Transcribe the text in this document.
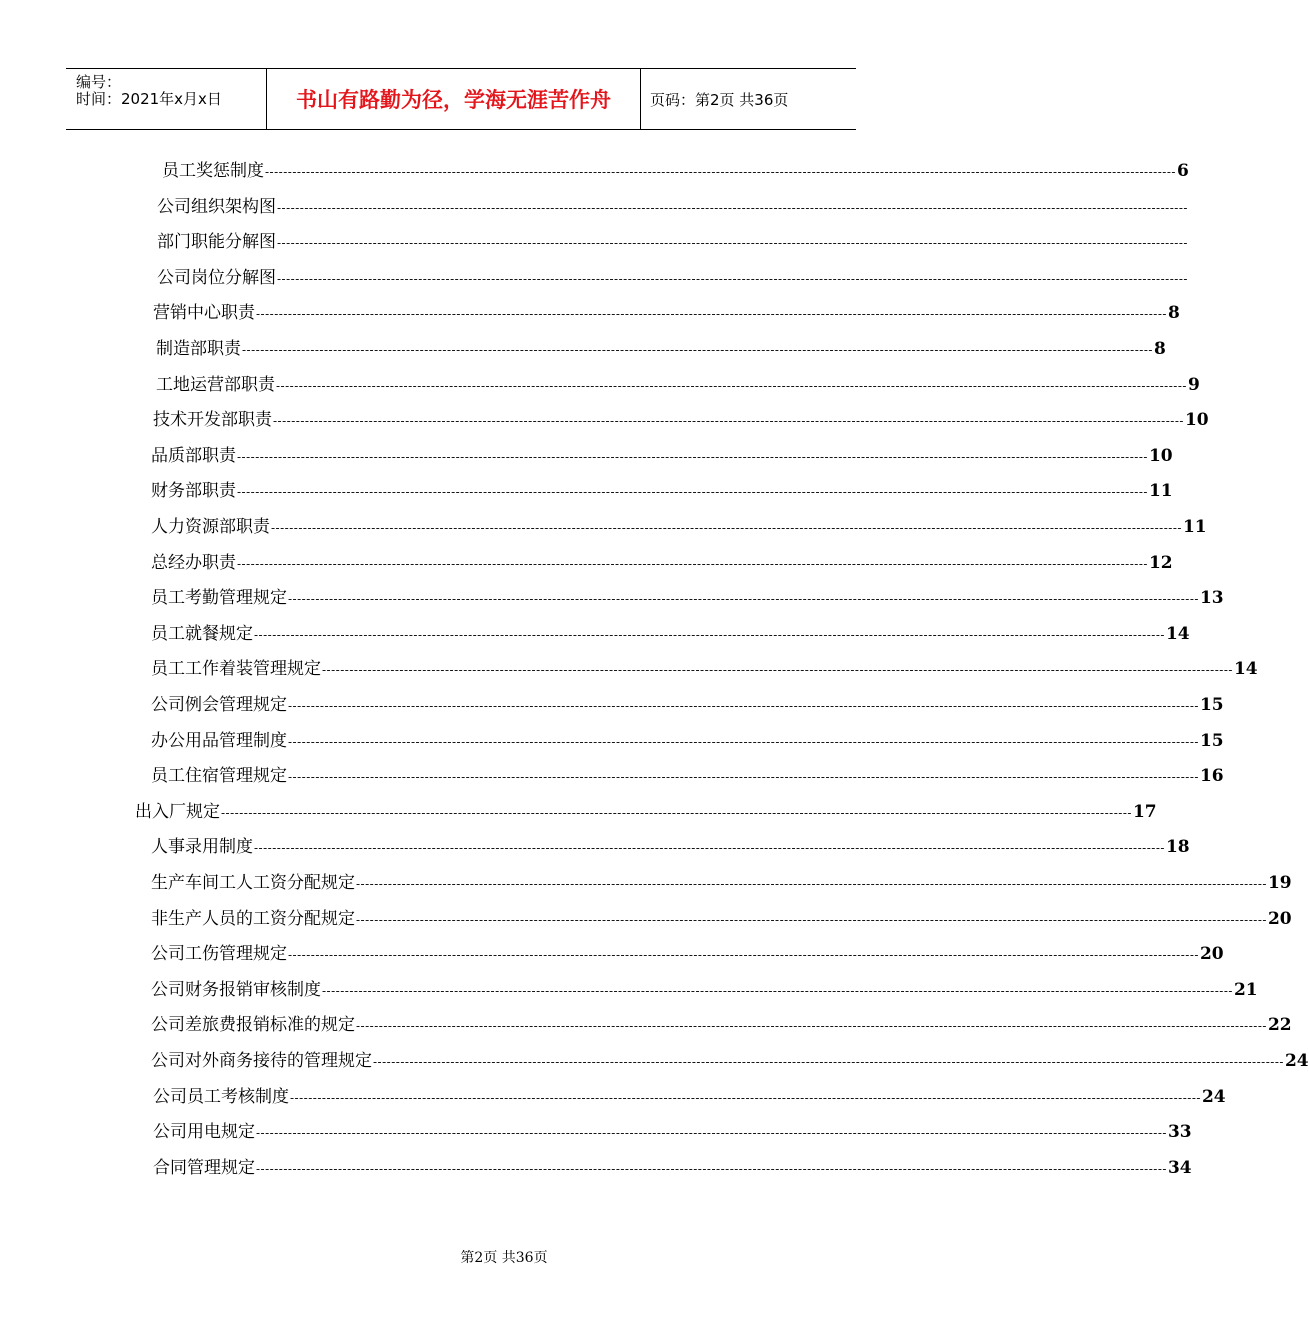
编号：
时间：2021年x月x日	书山有路勤为径，学海无涯苦作舟	页码：第2页 共36页
员工奖惩制度 -------------------------------------------------------------------------------------------------------------------------------------------------------------------------------------------------------- 6
公司组织架构图 --------------------------------------------------------------------------------------------------------------------------------------------------------------------------------------------------------
部门职能分解图 --------------------------------------------------------------------------------------------------------------------------------------------------------------------------------------------------------
公司岗位分解图 --------------------------------------------------------------------------------------------------------------------------------------------------------------------------------------------------------
营销中心职责 -------------------------------------------------------------------------------------------------------------------------------------------------------------------------------------------------------- 8
制造部职责 -------------------------------------------------------------------------------------------------------------------------------------------------------------------------------------------------------- 8
工地运营部职责 -------------------------------------------------------------------------------------------------------------------------------------------------------------------------------------------------------- 9
技术开发部职责 -------------------------------------------------------------------------------------------------------------------------------------------------------------------------------------------------------- 10
品质部职责 -------------------------------------------------------------------------------------------------------------------------------------------------------------------------------------------------------- 10
财务部职责 -------------------------------------------------------------------------------------------------------------------------------------------------------------------------------------------------------- 11
人力资源部职责 -------------------------------------------------------------------------------------------------------------------------------------------------------------------------------------------------------- 11
总经办职责 -------------------------------------------------------------------------------------------------------------------------------------------------------------------------------------------------------- 12
员工考勤管理规定 -------------------------------------------------------------------------------------------------------------------------------------------------------------------------------------------------------- 13
员工就餐规定 -------------------------------------------------------------------------------------------------------------------------------------------------------------------------------------------------------- 14
员工工作着装管理规定 -------------------------------------------------------------------------------------------------------------------------------------------------------------------------------------------------------- 14
公司例会管理规定 -------------------------------------------------------------------------------------------------------------------------------------------------------------------------------------------------------- 15
办公用品管理制度 -------------------------------------------------------------------------------------------------------------------------------------------------------------------------------------------------------- 15
员工住宿管理规定 -------------------------------------------------------------------------------------------------------------------------------------------------------------------------------------------------------- 16
出入厂规定 -------------------------------------------------------------------------------------------------------------------------------------------------------------------------------------------------------- 17
人事录用制度 -------------------------------------------------------------------------------------------------------------------------------------------------------------------------------------------------------- 18
生产车间工人工资分配规定 -------------------------------------------------------------------------------------------------------------------------------------------------------------------------------------------------------- 19
非生产人员的工资分配规定 -------------------------------------------------------------------------------------------------------------------------------------------------------------------------------------------------------- 20
公司工伤管理规定 -------------------------------------------------------------------------------------------------------------------------------------------------------------------------------------------------------- 20
公司财务报销审核制度 -------------------------------------------------------------------------------------------------------------------------------------------------------------------------------------------------------- 21
公司差旅费报销标准的规定 -------------------------------------------------------------------------------------------------------------------------------------------------------------------------------------------------------- 22
公司对外商务接待的管理规定 -------------------------------------------------------------------------------------------------------------------------------------------------------------------------------------------------------- 24
公司员工考核制度 -------------------------------------------------------------------------------------------------------------------------------------------------------------------------------------------------------- 24
公司用电规定 -------------------------------------------------------------------------------------------------------------------------------------------------------------------------------------------------------- 33
合同管理规定 -------------------------------------------------------------------------------------------------------------------------------------------------------------------------------------------------------- 34
第2页 共36页
